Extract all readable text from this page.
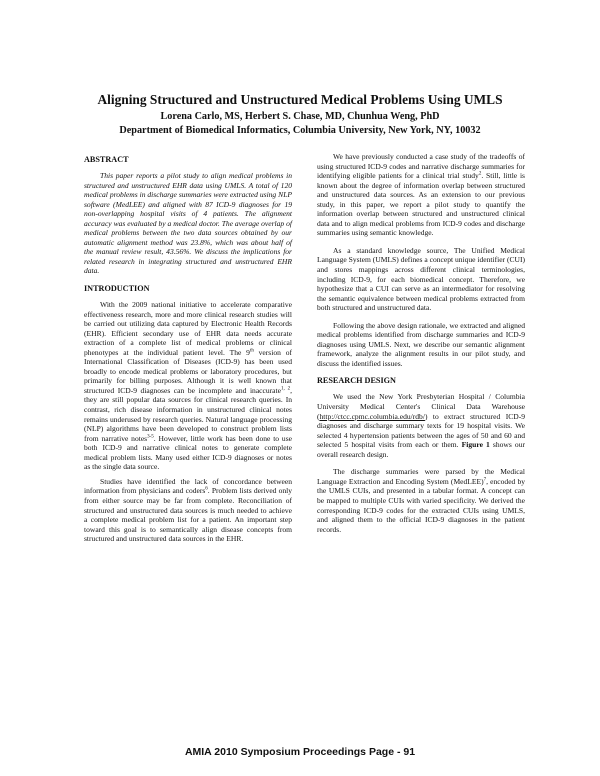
Aligning Structured and Unstructured Medical Problems Using UMLS
Lorena Carlo, MS, Herbert S. Chase, MD, Chunhua Weng, PhD
Department of Biomedical Informatics, Columbia University, New York, NY, 10032
ABSTRACT

This paper reports a pilot study to align medical problems in structured and unstructured EHR data using UMLS. A total of 120 medical problems in discharge summaries were extracted using NLP software (MedLEE) and aligned with 87 ICD-9 diagnoses for 19 non-overlapping hospital visits of 4 patients. The alignment accuracy was evaluated by a medical doctor. The average overlap of medical problems between the two data sources obtained by our automatic alignment method was 23.8%, which was about half of the manual review result, 43.56%. We discuss the implications for related research in integrating structured and unstructured EHR data.

INTRODUCTION

With the 2009 national initiative to accelerate comparative effectiveness research, more and more clinical research studies will be carried out utilizing data captured by Electronic Health Records (EHR). Efficient secondary use of EHR data needs accurate extraction of a complete list of medical problems or clinical phenotypes at the individual patient level. The 9th version of International Classification of Diseases (ICD-9) has been used broadly to encode medical problems or laboratory procedures, but primarily for billing purposes. Although it is well known that structured ICD-9 diagnoses can be incomplete and inaccurate$^{1, 2}$, they are still popular data sources for clinical research queries. In contrast, rich disease information in unstructured clinical notes remains underused by research queries. Natural language processing (NLP) algorithms have been developed to construct problem lists from narrative notes$^{3-5}$. However, little work has been done to use both ICD-9 and narrative clinical notes to generate complete medical problem lists. Many used either ICD-9 diagnoses or notes as the single data source.

Studies have identified the lack of concordance between information from physicians and coders$^6$. Problem lists derived only from either source may be far from complete. Reconciliation of structured and unstructured data sources is much needed to achieve a complete medical problem list for a patient. An important step toward this goal is to semantically align disease concepts from structured and unstructured data sources in the EHR.

We have previously conducted a case study of the tradeoffs of using structured ICD-9 codes and narrative discharge summaries for identifying eligible patients for a clinical trial study$^2$. Still, little is known about the degree of information overlap between structured and unstructured data sources. As an extension to our previous study, in this paper, we report a pilot study to quantify the information overlap between structured and unstructured clinical data and to align medical problems from ICD-9 codes and discharge summaries using semantic knowledge.

As a standard knowledge source, The Unified Medical Language System (UMLS) defines a concept unique identifier (CUI) and stores mappings across different clinical terminologies, including ICD-9, for each biomedical concept. Therefore, we hypothesize that a CUI can serve as an intermediator for resolving the semantic equivalence between medical problems extracted from both structured and unstructured data.

Following the above design rationale, we extracted and aligned medical problems identified from discharge summaries and ICD-9 diagnoses using UMLS. Next, we describe our semantic alignment framework, analyze the alignment results in our pilot study, and discuss the identified issues.

RESEARCH DESIGN

We used the New York Presbyterian Hospital / Columbia University Medical Center's Clinical Data Warehouse (http://ctcc.cpmc.columbia.edu/rdb/) to extract structured ICD-9 diagnoses and discharge summary texts for 19 hospital visits. We selected 4 hypertension patients between the ages of 50 and 60 and selected 5 hospital visits from each or them. Figure 1 shows our overall research design.

The discharge summaries were parsed by the Medical Language Extraction and Encoding System (MedLEE)$^7$, encoded by the UMLS CUIs, and presented in a tabular format. A concept can be mapped to multiple CUIs with varied specificity. We derived the corresponding ICD-9 codes for the extracted CUIs using UMLS, and aligned them to the official ICD-9 diagnoses in the patient records.

AMIA 2010 Symposium Proceedings Page - 91
